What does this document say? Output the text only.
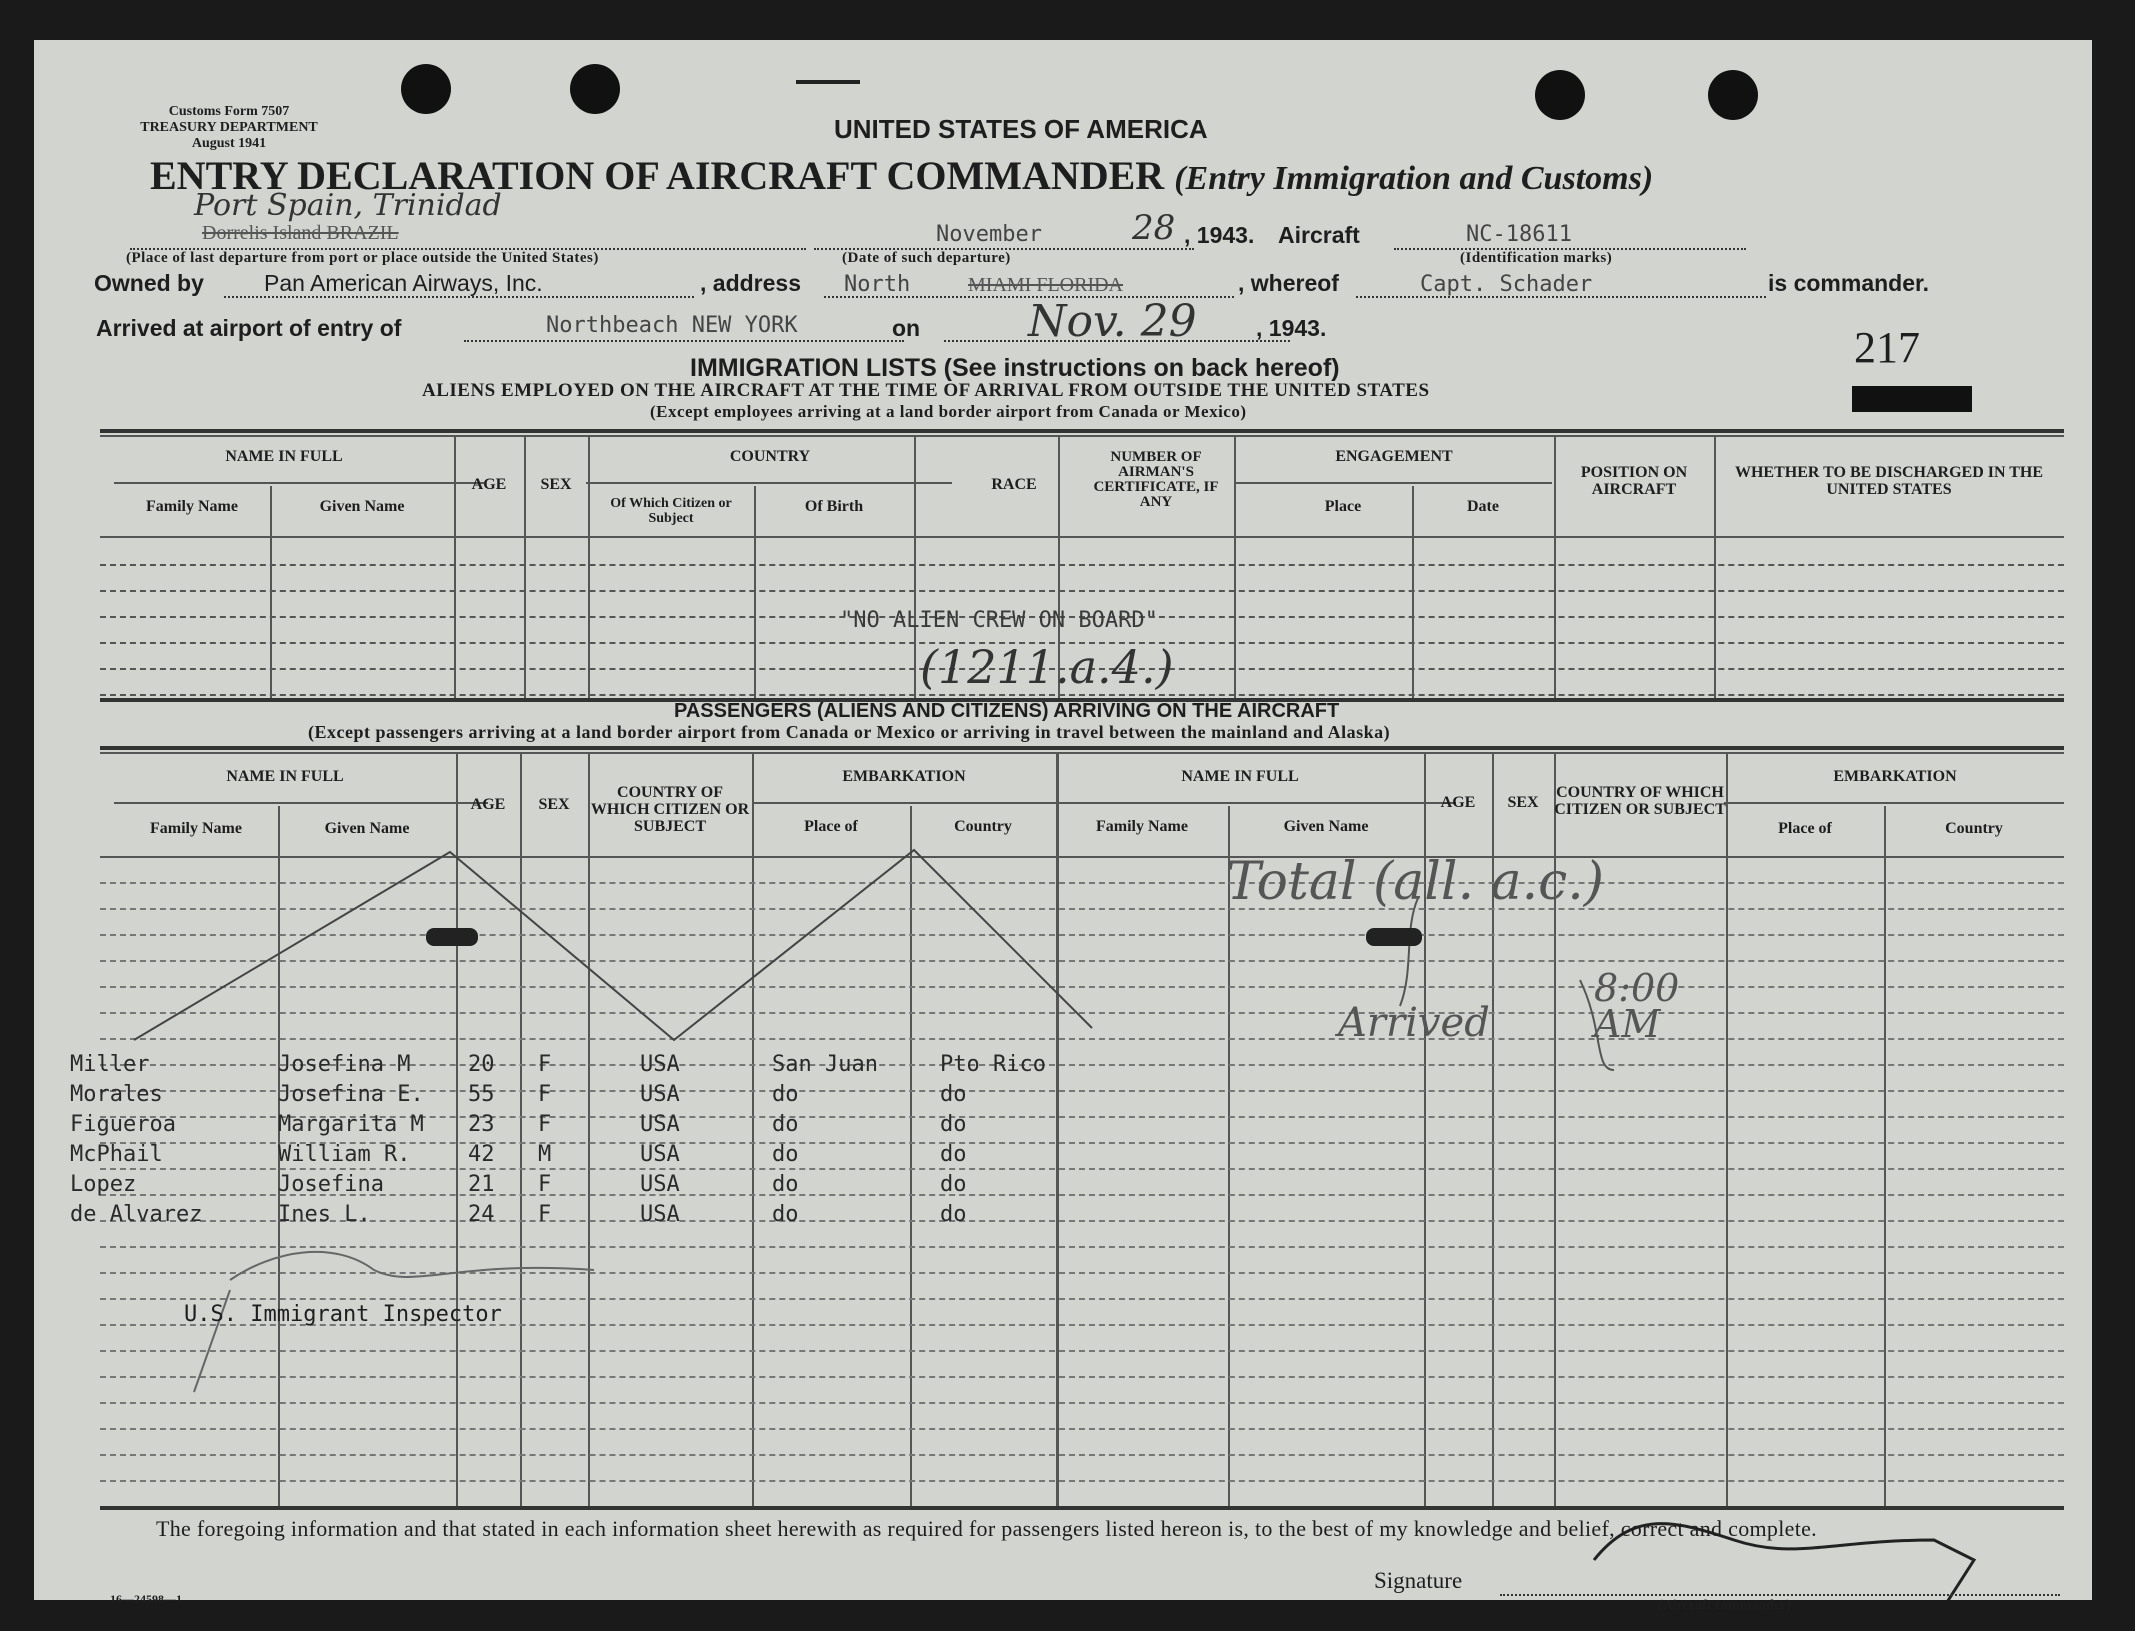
Customs Form 7507
TREASURY DEPARTMENT
August 1941	UNITED STATES OF AMERICA
ENTRY DECLARATION OF AIRCRAFT COMMANDER (Entry Immigration and Customs)
Port Spain, Trinidad
Dorrelis Island BRAZIL
(Place of last departure from port or place outside the United States)
November	28 , 1943.
(Date of such departure)
Aircraft	NC-18611
(Identification marks)
Owned by	Pan American Airways, Inc.	, address North	MIAMI FLORIDA	, whereof	Capt. Schader	is commander.
Arrived at airport of entry of	Northbeach NEW YORK	on Nov. 29	, 1943.	217
IMMIGRATION LISTS (See instructions on back hereof)
ALIENS EMPLOYED ON THE AIRCRAFT AT THE TIME OF ARRIVAL FROM OUTSIDE THE UNITED STATES
(Except employees arriving at a land border airport from Canada or Mexico)
NAME IN FULL
Family Name	Given Name
AGE	SEX
COUNTRY
Of Which Citizen or Subject
Of Birth
RACE
NUMBER OF AIRMAN'S CERTIFICATE, IF ANY
ENGAGEMENT
Place	Date
POSITION ON AIRCRAFT
WHETHER TO BE DISCHARGED IN THE UNITED STATES
"NO ALIEN CREW ON BOARD"
(1211.a.4.)
PASSENGERS (ALIENS AND CITIZENS) ARRIVING ON THE AIRCRAFT
(Except passengers arriving at a land border airport from Canada or Mexico or arriving in travel between the mainland and Alaska)
NAME IN FULL
Family Name	Given Name
AGE	SEX
COUNTRY OF WHICH CITIZEN OR SUBJECT
EMBARKATION
Place of	Country
NAME IN FULL
Family Name	Given Name
AGE	SEX
COUNTRY OF WHICH CITIZEN OR SUBJECT
EMBARKATION
Place of	Country
Total (all. a.c.)
Arrived
8:00
AM
Miller	Josefina M	20 F	USA	San Juan	Pto Rico
Morales	Josefina E. 55 F	USA	do	do
Figueroa	Margarita M 23 F	USA	do	do
McPhail	William R.	42 M	USA	do	do
Lopez	Josefina	21 F	USA	do	do
de Alvarez	Ines L.	24 F	USA	do	do
U.S. Immigrant Inspector
The foregoing information and that stated in each information sheet herewith as required for passengers listed hereon is, to the best of my knowledge and belief, correct and complete.
Signature
(Aircraft commander)
16—24598—1
